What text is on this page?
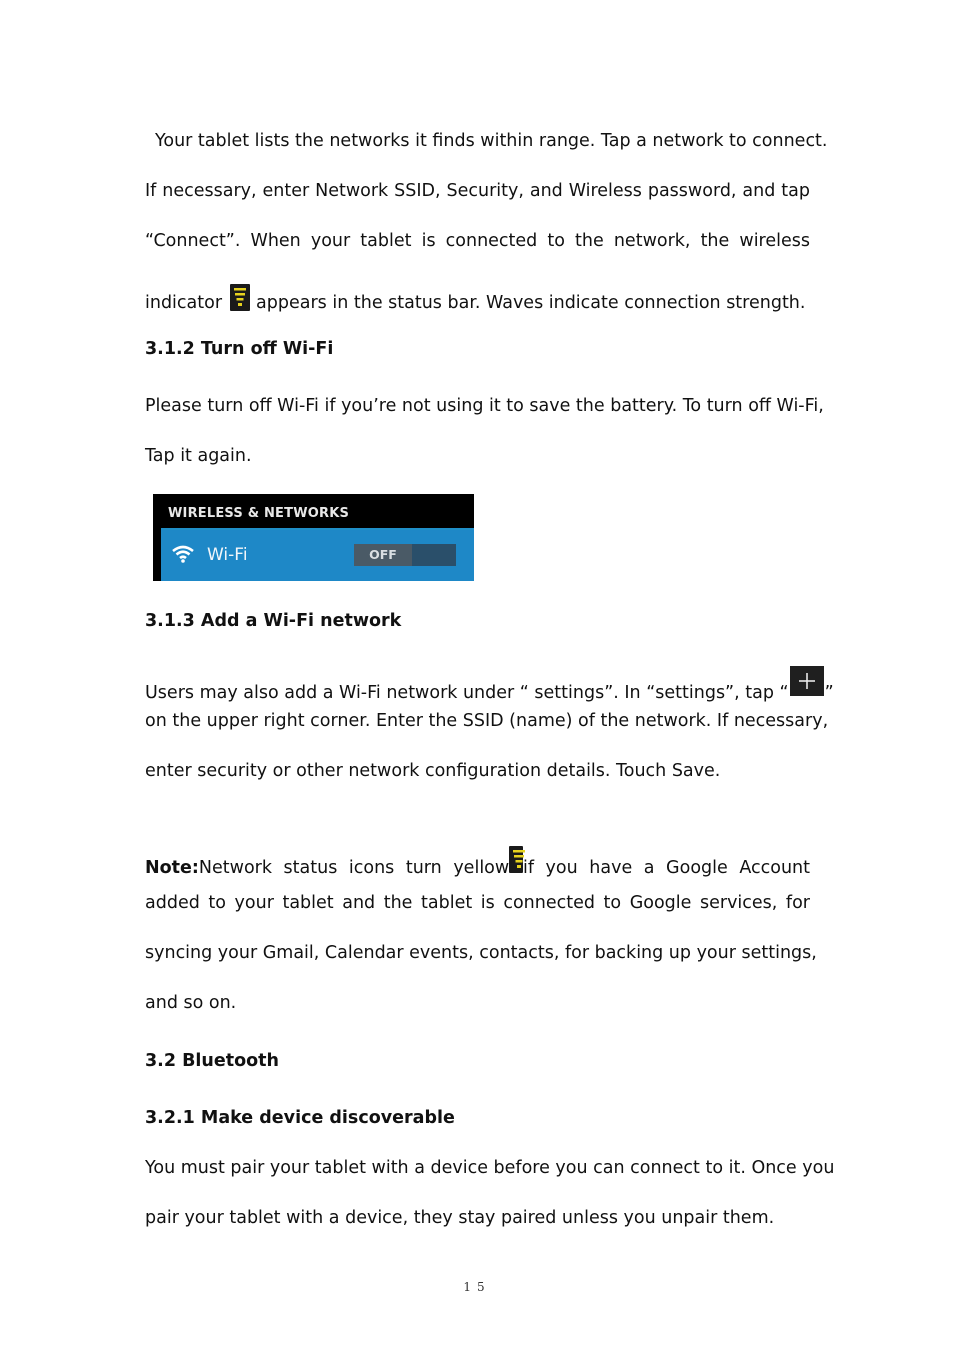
Your tablet lists the networks it finds within range. Tap a network to connect.
If necessary, enter Network SSID, Security, and Wireless password, and tap
“Connect”. When your tablet is connected to the network, the wireless
indicator appears in the status bar. Waves indicate connection strength.
3.1.2 Turn off Wi-Fi
Please turn off Wi-Fi if you’re not using it to save the battery. To turn off Wi-Fi,
Tap it again.
WIRELESS & NETWORKS
Wi-Fi	OFF
3.1.3 Add a Wi-Fi network
Users may also add a Wi-Fi network under “ settings”. In “settings”, tap “ ”
on the upper right corner. Enter the SSID (name) of the network. If necessary,
enter security or other network configuration details. Touch Save.
Note: Network status icons turn yellow if you have a Google Account
added to your tablet and the tablet is connected to Google services, for
syncing your Gmail, Calendar events, contacts, for backing up your settings,
and so on.
3.2 Bluetooth
3.2.1 Make device discoverable
You must pair your tablet with a device before you can connect to it. Once you
pair your tablet with a device, they stay paired unless you unpair them.
15
